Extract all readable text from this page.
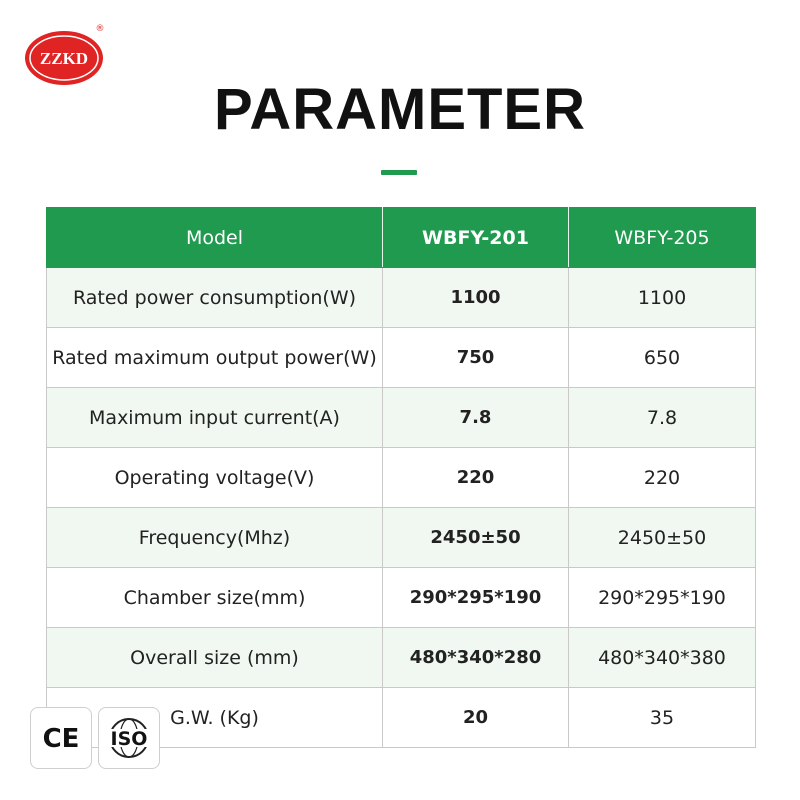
ZZKD
®
PARAMETER
Model	WBFY-201	WBFY-205
Rated power consumption(W)	1100	1100
Rated maximum output power(W)	750	650
Maximum input current(A)	7.8	7.8
Operating voltage(V)	220	220
Frequency(Mhz)	2450±50	2450±50
Chamber size(mm)	290*295*190	290*295*190
Overall size (mm)	480*340*280	480*340*380
G.W. (Kg)	20	35
CE ISO
